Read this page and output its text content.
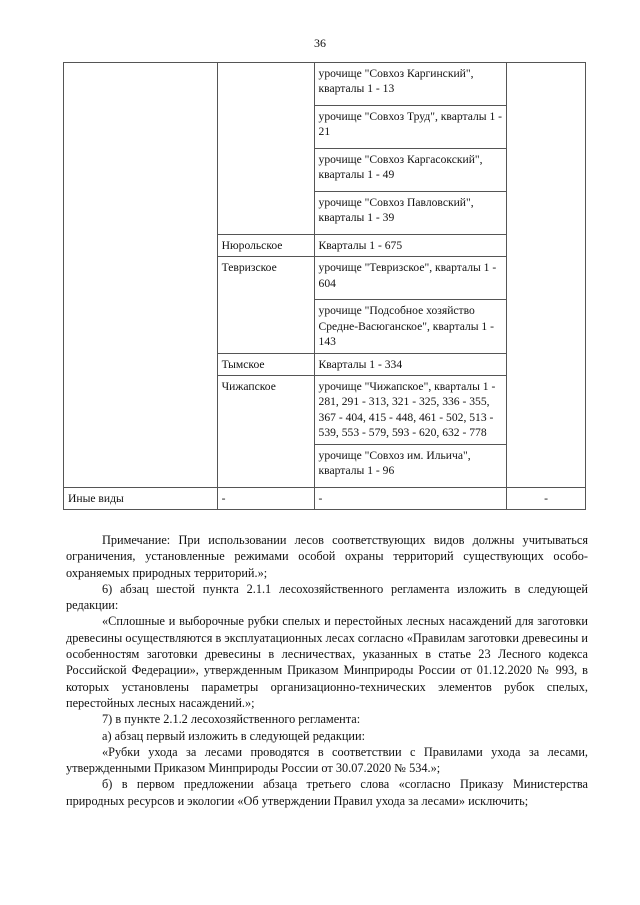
36
		урочище "Совхоз Каргинский", кварталы 1 - 13	
		урочище "Совхоз Труд", кварталы 1 - 21	
		урочище "Совхоз Каргасокский", кварталы 1 - 49	
		урочище "Совхоз Павловский", кварталы 1 - 39	
	Нюрольское	Кварталы 1 - 675	
	Тевризское	урочище "Тевризское", кварталы 1 - 604	
		урочище "Подсобное хозяйство Средне-Васюганское", кварталы 1 - 143	
	Тымское	Кварталы 1 - 334	
	Чижапское	урочище "Чижапское", кварталы 1 - 281, 291 - 313, 321 - 325, 336 - 355, 367 - 404, 415 - 448, 461 - 502, 513 - 539, 553 - 579, 593 - 620, 632 - 778	
		урочище "Совхоз им. Ильича", кварталы 1 - 96	
Иные виды	-	-	-

Примечание: При использовании лесов соответствующих видов должны учитываться ограничения, установленные режимами особой охраны территорий существующих особо-охраняемых природных территорий.»;

6) абзац шестой пункта 2.1.1 лесохозяйственного регламента изложить в следующей редакции:

«Сплошные и выборочные рубки спелых и перестойных лесных насаждений для заготовки древесины осуществляются в эксплуатационных лесах согласно «Правилам заготовки древесины и особенностям заготовки древесины в лесничествах, указанных в статье 23 Лесного кодекса Российской Федерации», утвержденным Приказом Минприроды России от 01.12.2020 № 993, в которых установлены параметры организационно-технических элементов рубок спелых, перестойных лесных насаждений.»;

7) в пункте 2.1.2 лесохозяйственного регламента:

а) абзац первый изложить в следующей редакции:

«Рубки ухода за лесами проводятся в соответствии с Правилами ухода за лесами, утвержденными Приказом Минприроды России от 30.07.2020 № 534.»;

б) в первом предложении абзаца третьего слова «согласно Приказу Министерства природных ресурсов и экологии «Об утверждении Правил ухода за лесами» исключить;
